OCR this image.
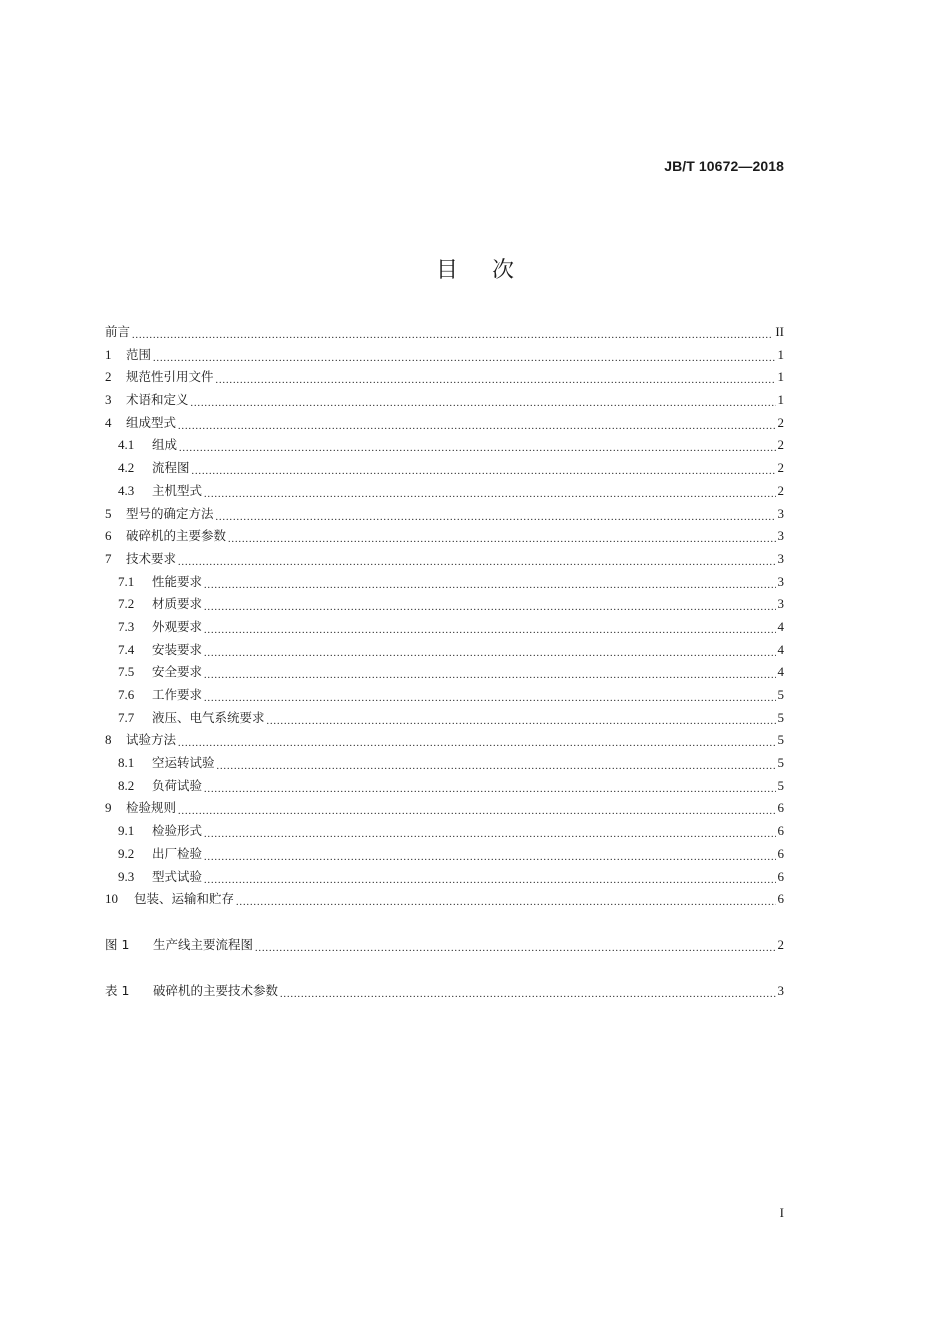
JB/T 10672—2018
目次
前言 .....	II
1	范围 .....	1
2	规范性引用文件 .....	1
3	术语和定义 .....	1
4	组成型式 .....	2
4.1	组成 .....	2
4.2	流程图 .....	2
4.3	主机型式 .....	2
5	型号的确定方法 .....	3
6	破碎机的主要参数 .....	3
7	技术要求 .....	3
7.1	性能要求 .....	3
7.2	材质要求 .....	3
7.3	外观要求 .....	4
7.4	安装要求 .....	4
7.5	安全要求 .....	4
7.6	工作要求 .....	5
7.7	液压、电气系统要求 .....	5
8	试验方法 .....	5
8.1	空运转试验 .....	5
8.2	负荷试验 .....	5
9	检验规则 .....	6
9.1	检验形式 .....	6
9.2	出厂检验 .....	6
9.3	型式试验 .....	6
10	包装、运输和贮存 .....	6
图 1	生产线主要流程图 .....	2
表 1	破碎机的主要技术参数 .....	3
I
